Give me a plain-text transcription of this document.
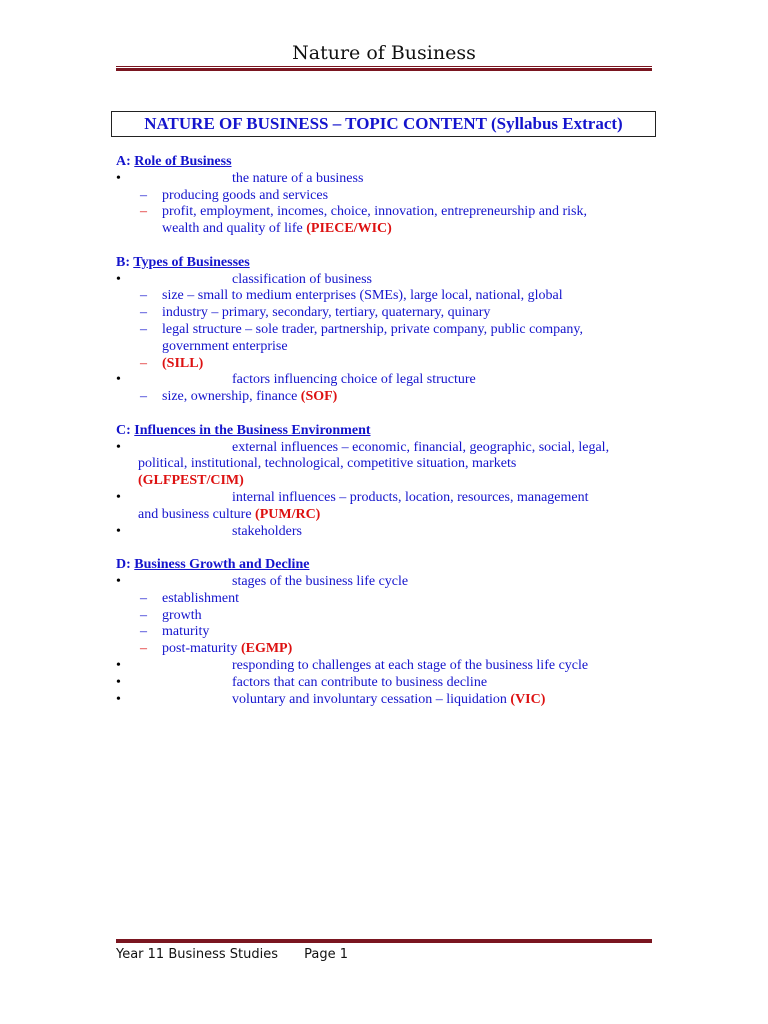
Nature of Business
NATURE OF BUSINESS – TOPIC CONTENT (Syllabus Extract)
A: Role of Business
•	the nature of a business
– producing goods and services
– profit, employment, incomes, choice, innovation, entrepreneurship and risk,
wealth and quality of life (PIECE/WIC)
B: Types of Businesses
•	classification of business
– size – small to medium enterprises (SMEs), large local, national, global
– industry – primary, secondary, tertiary, quaternary, quinary
– legal structure – sole trader, partnership, private company, public company,
government enterprise
– (SILL)
•	factors influencing choice of legal structure
– size, ownership, finance (SOF)
C: Influences in the Business Environment
•	external influences – economic, financial, geographic, social, legal,
political, institutional, technological, competitive situation, markets
(GLFPEST/CIM)
•	internal influences – products, location, resources, management
and business culture (PUM/RC)
•	stakeholders
D: Business Growth and Decline
•	stages of the business life cycle
– establishment
– growth
– maturity
– post-maturity (EGMP)
•	responding to challenges at each stage of the business life cycle
•	factors that can contribute to business decline
•	voluntary and involuntary cessation – liquidation (VIC)
Year 11 Business Studies Page 1
